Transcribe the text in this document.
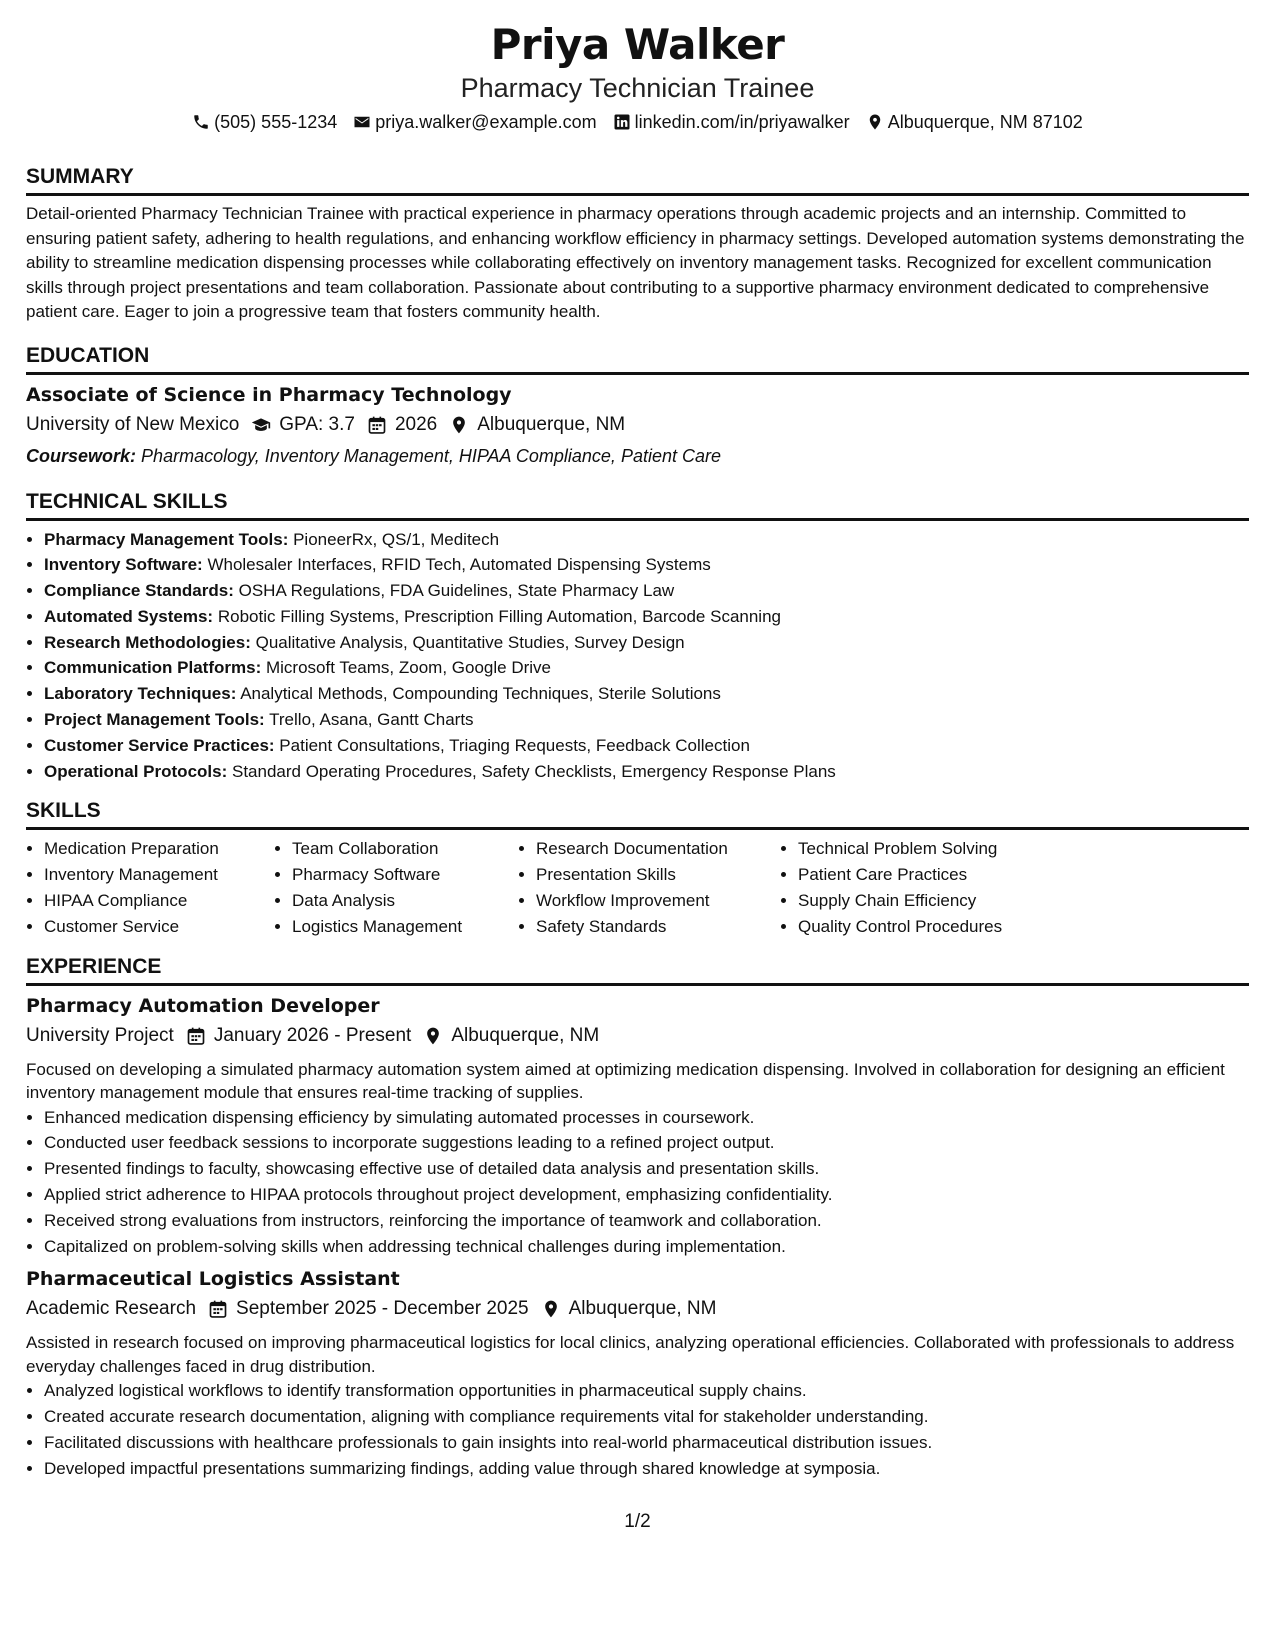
Priya Walker
Pharmacy Technician Trainee
(505) 555-1234 priya.walker@example.com linkedin.com/in/priyawalker Albuquerque, NM 87102
SUMMARY
Detail-oriented Pharmacy Technician Trainee with practical experience in pharmacy operations through academic projects and an internship. Committed to ensuring patient safety, adhering to health regulations, and enhancing workflow efficiency in pharmacy settings. Developed automation systems demonstrating the ability to streamline medication dispensing processes while collaborating effectively on inventory management tasks. Recognized for excellent communication skills through project presentations and team collaboration. Passionate about contributing to a supportive pharmacy environment dedicated to comprehensive patient care. Eager to join a progressive team that fosters community health.
EDUCATION
Associate of Science in Pharmacy Technology
University of New Mexico GPA: 3.7 2026 Albuquerque, NM
Coursework: Pharmacology, Inventory Management, HIPAA Compliance, Patient Care
TECHNICAL SKILLS
• Pharmacy Management Tools: PioneerRx, QS/1, Meditech
• Inventory Software: Wholesaler Interfaces, RFID Tech, Automated Dispensing Systems
• Compliance Standards: OSHA Regulations, FDA Guidelines, State Pharmacy Law
• Automated Systems: Robotic Filling Systems, Prescription Filling Automation, Barcode Scanning
• Research Methodologies: Qualitative Analysis, Quantitative Studies, Survey Design
• Communication Platforms: Microsoft Teams, Zoom, Google Drive
• Laboratory Techniques: Analytical Methods, Compounding Techniques, Sterile Solutions
• Project Management Tools: Trello, Asana, Gantt Charts
• Customer Service Practices: Patient Consultations, Triaging Requests, Feedback Collection
• Operational Protocols: Standard Operating Procedures, Safety Checklists, Emergency Response Plans
SKILLS
• Medication Preparation
• Inventory Management
• HIPAA Compliance
• Customer Service
• Team Collaboration
• Pharmacy Software
• Data Analysis
• Logistics Management
• Research Documentation
• Presentation Skills
• Workflow Improvement
• Safety Standards
• Technical Problem Solving
• Patient Care Practices
• Supply Chain Efficiency
• Quality Control Procedures
EXPERIENCE
Pharmacy Automation Developer
University Project January 2026 - Present Albuquerque, NM
Focused on developing a simulated pharmacy automation system aimed at optimizing medication dispensing. Involved in collaboration for designing an efficient inventory management module that ensures real-time tracking of supplies.
• Enhanced medication dispensing efficiency by simulating automated processes in coursework.
• Conducted user feedback sessions to incorporate suggestions leading to a refined project output.
• Presented findings to faculty, showcasing effective use of detailed data analysis and presentation skills.
• Applied strict adherence to HIPAA protocols throughout project development, emphasizing confidentiality.
• Received strong evaluations from instructors, reinforcing the importance of teamwork and collaboration.
• Capitalized on problem-solving skills when addressing technical challenges during implementation.
Pharmaceutical Logistics Assistant
Academic Research September 2025 - December 2025 Albuquerque, NM
Assisted in research focused on improving pharmaceutical logistics for local clinics, analyzing operational efficiencies. Collaborated with professionals to address everyday challenges faced in drug distribution.
• Analyzed logistical workflows to identify transformation opportunities in pharmaceutical supply chains.
• Created accurate research documentation, aligning with compliance requirements vital for stakeholder understanding.
• Facilitated discussions with healthcare professionals to gain insights into real-world pharmaceutical distribution issues.
• Developed impactful presentations summarizing findings, adding value through shared knowledge at symposia.
1/2
